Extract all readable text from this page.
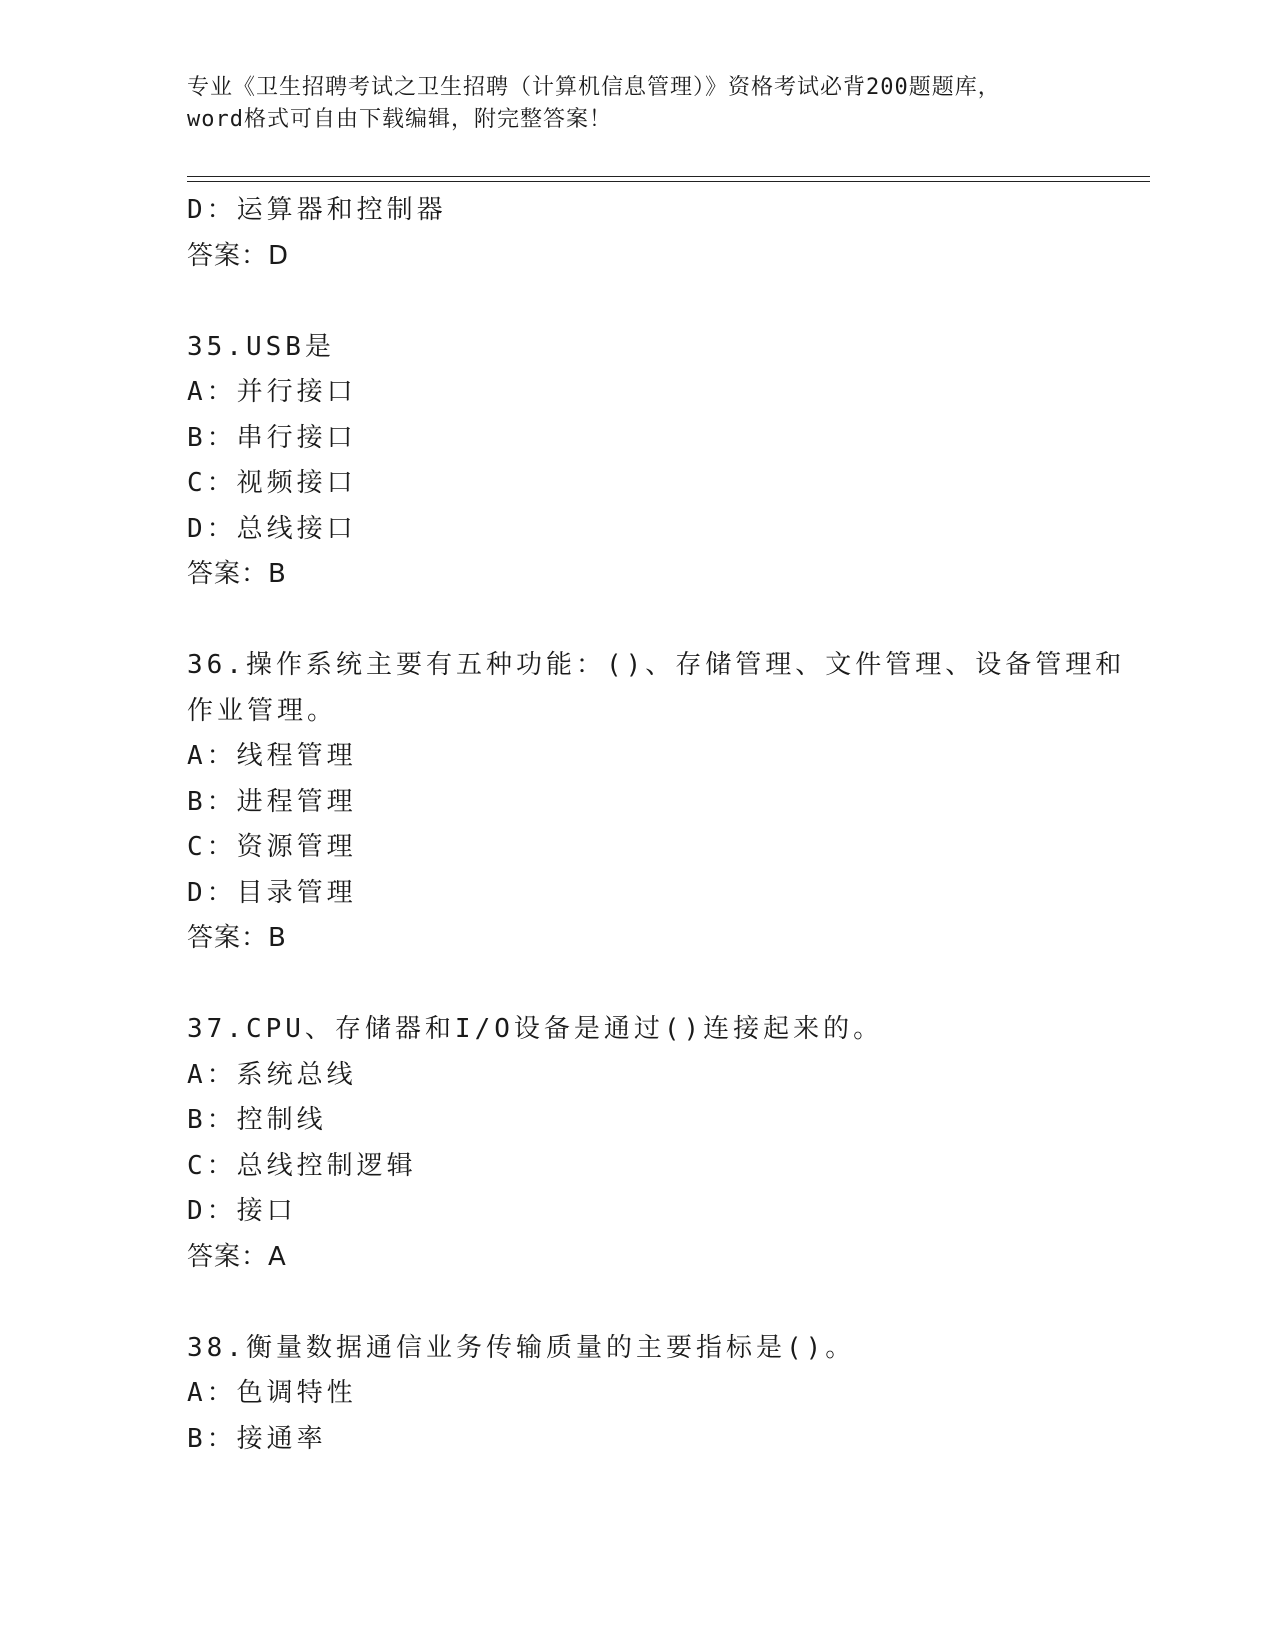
专业《卫生招聘考试之卫生招聘（计算机信息管理）》资格考试必背200题题库，
word格式可自由下载编辑，附完整答案！
D：运算器和控制器
答案：D
35.USB是
A：并行接口
B：串行接口
C：视频接口
D：总线接口
答案：B
36.操作系统主要有五种功能：()、存储管理、文件管理、设备管理和
作业管理。
A：线程管理
B：进程管理
C：资源管理
D：目录管理
答案：B
37.CPU、存储器和I/O设备是通过()连接起来的。
A：系统总线
B：控制线
C：总线控制逻辑
D：接口
答案：A
38.衡量数据通信业务传输质量的主要指标是()。
A：色调特性
B：接通率
